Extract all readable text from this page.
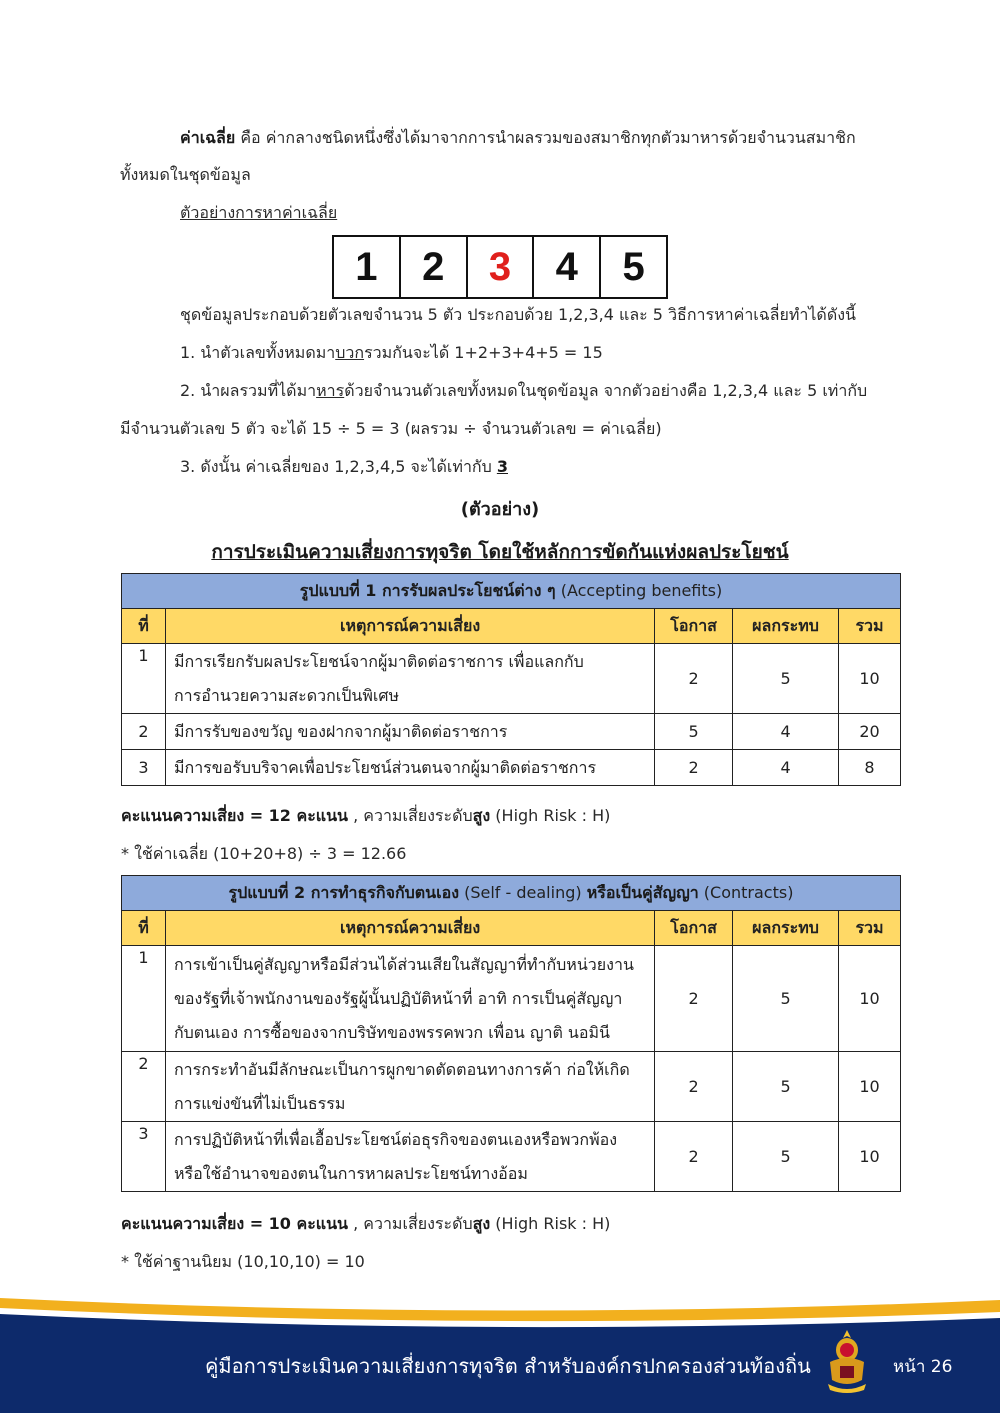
ค่าเฉลี่ย คือ ค่ากลางชนิดหนึ่งซึ่งได้มาจากการนำผลรวมของสมาชิกทุกตัวมาหารด้วยจำนวนสมาชิก
ทั้งหมดในชุดข้อมูล
ตัวอย่างการหาค่าเฉลี่ย
1	2	3	4	5
ชุดข้อมูลประกอบด้วยตัวเลขจำนวน 5 ตัว ประกอบด้วย 1,2,3,4 และ 5 วิธีการหาค่าเฉลี่ยทำได้ดังนี้
1. นำตัวเลขทั้งหมดมาบวกรวมกันจะได้ 1+2+3+4+5 = 15
2. นำผลรวมที่ได้มาหารด้วยจำนวนตัวเลขทั้งหมดในชุดข้อมูล จากตัวอย่างคือ 1,2,3,4 และ 5 เท่ากับ
มีจำนวนตัวเลข 5 ตัว จะได้ 15 ÷ 5 = 3 (ผลรวม ÷ จำนวนตัวเลข = ค่าเฉลี่ย)
3. ดังนั้น ค่าเฉลี่ยของ 1,2,3,4,5 จะได้เท่ากับ 3
(ตัวอย่าง)
การประเมินความเสี่ยงการทุจริต โดยใช้หลักการขัดกันแห่งผลประโยชน์
รูปแบบที่ 1 การรับผลประโยชน์ต่าง ๆ (Accepting benefits)				
ที่	เหตุการณ์ความเสี่ยง	โอกาส	ผลกระทบ	รวม
1	มีการเรียกรับผลประโยชน์จากผู้มาติดต่อราชการ เพื่อแลกกับ
การอำนวยความสะดวกเป็นพิเศษ	2	5	10
2	มีการรับของขวัญ ของฝากจากผู้มาติดต่อราชการ	5	4	20
3	มีการขอรับบริจาคเพื่อประโยชน์ส่วนตนจากผู้มาติดต่อราชการ	2	4	8
คะแนนความเสี่ยง = 12 คะแนน , ความเสี่ยงระดับสูง (High Risk : H)
* ใช้ค่าเฉลี่ย (10+20+8) ÷ 3 = 12.66
รูปแบบที่ 2 การทำธุรกิจกับตนเอง (Self - dealing) หรือเป็นคู่สัญญา (Contracts)				
ที่	เหตุการณ์ความเสี่ยง	โอกาส	ผลกระทบ	รวม
1	การเข้าเป็นคู่สัญญาหรือมีส่วนได้ส่วนเสียในสัญญาที่ทำกับหน่วยงาน
ของรัฐที่เจ้าพนักงานของรัฐผู้นั้นปฏิบัติหน้าที่ อาทิ การเป็นคู่สัญญา
กับตนเอง การซื้อของจากบริษัทของพรรคพวก เพื่อน ญาติ นอมินี	2	5	10
2	การกระทำอันมีลักษณะเป็นการผูกขาดตัดตอนทางการค้า ก่อให้เกิด
การแข่งขันที่ไม่เป็นธรรม	2	5	10
3	การปฏิบัติหน้าที่เพื่อเอื้อประโยชน์ต่อธุรกิจของตนเองหรือพวกพ้อง
หรือใช้อำนาจของตนในการหาผลประโยชน์ทางอ้อม	2	5	10
คะแนนความเสี่ยง = 10 คะแนน , ความเสี่ยงระดับสูง (High Risk : H)
* ใช้ค่าฐานนิยม (10,10,10) = 10
คู่มือการประเมินความเสี่ยงการทุจริต สำหรับองค์กรปกครองส่วนท้องถิ่น	หน้า 26
